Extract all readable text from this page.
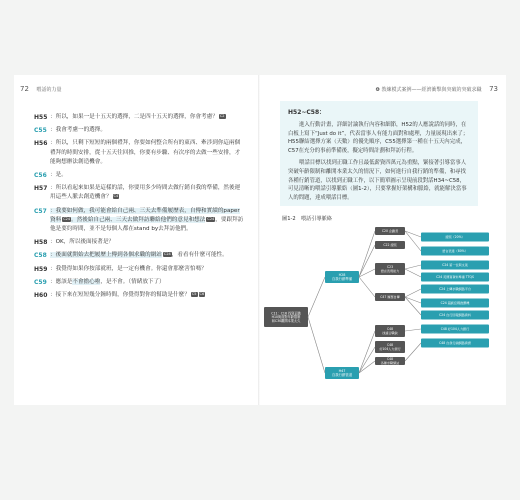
72 喂話的力量
H55 ：所以，如果一是十五天的選擇，二是四十五天的選擇，你會考慮？ C2
C55 ：我會考慮一的選擇。
H56 ：所以，只剩下短短的兩個禮拜，你要如何整合所有的東西、牽涉到你這兩個禮拜的時間安排，從十五天往回推，你要有步驟、有次序的去做一些安排，才能夠想辦法創造機會。
C56 ：是。
H57 ：所以看起來如果是這樣的話，你要用多少時間去做行銷自我的準備，然後運用這些人脈去創造機會？ C4
C57 ：我要如何做，我可能會給自己兩、三天去準備履歷表，自傳和實績的paper資料 C24。然後給自己兩、三天去做拜訪聯絡他們的意見和想法 C24，要跟拜訪他是要約時間，並不是每個人都在stand by去拜訪他們。
H58 ：OK，所以後面接著是？
C58 ：後面就開始去把履歷上傳到各個求職的網站 C24，看看有什麼可能性。
H59 ：我覺得如果你按部就班，是一定有機會。你還會那麼害怕嗎？
C59 ：應該是不會擔心啦，是不會。（情緒放下了）
H60 ：接下來在短短幾分鐘時間，你覺得對你的幫助是什麼？ C5 C6
❹ 教練模式案例——經濟衝擊與突破的突破求職 73
H52~C58：

進入行動計畫，詳細討論執行內容和細節，H52的人應說話的同時，在白板上寫下“Just do it”，代表當事人有能力面對和處理，力量展現出來了；H55聯結選擇方案（天數）的優先順序，C55選擇第一種在十五天內完成，C57在充分的事前準備後，擬定時間計劃和拜訪行程。

喂話目標以找到正職工作且最低薪資四萬元為重點，緊接著引導當事人突破年齡限制和離開本業太久的情況下，如何進行自我行銷的準備，和尋找各種行銷管道，以找到正職工作，以下簡單圖示呈現前段對話H34~C58，可見清晰的喂話引導脈絡（圖1-2），只要掌握好架構和脈絡，就能解決當事人的問題，達成喂話目標。

圖1-2　喂話引導脈絡
C11：C16 找到正職 H10與面對年齡限制和C30離開本業太久
H28 自我行銷準備
H47 自我行銷管道
C20 企劃書
C22 證照
C23 語言表現能力
C47 履歷自傳
C48 找適合職缺
C48 好104人力銀行
C48 各種求職網站
證照（20%）
語言表達（80%）
C24 第一位與文案
C24 英開寫資料準備 TTQS
C24 上傳求職網路平台
C24 超級密碼推薦機
C24 自行回報網路資料
C48 好104人力銀行
C48 自我行銷網路資源
